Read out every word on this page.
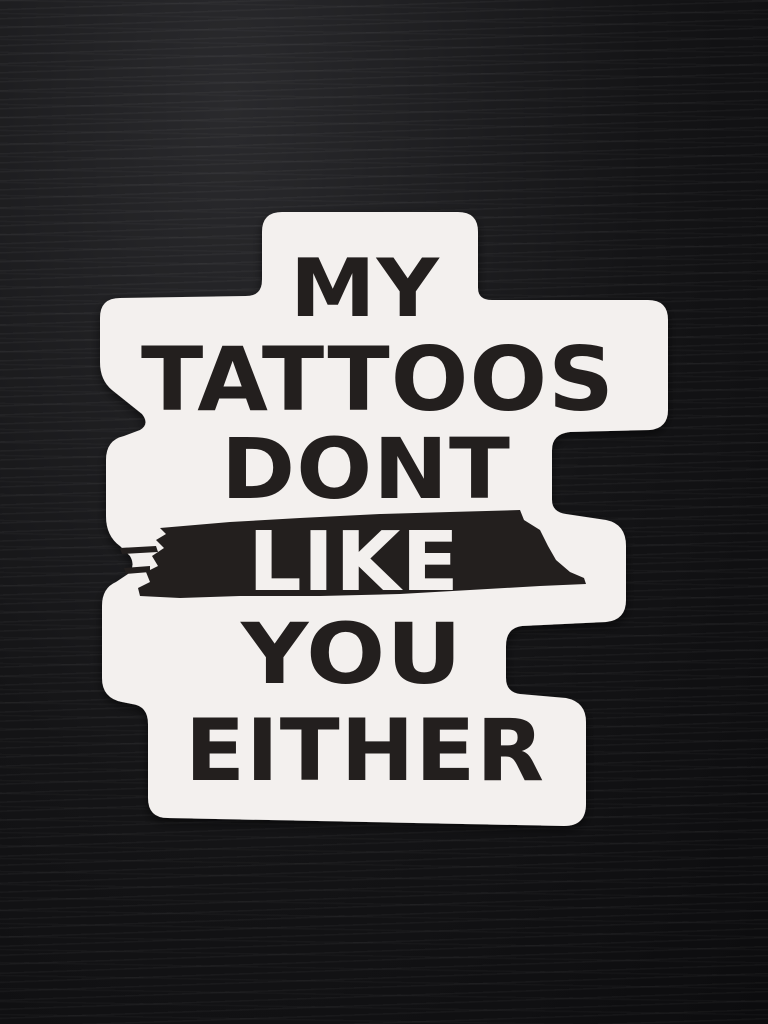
MY
TATTOOS
DONT
LIKE
YOU
EITHER
